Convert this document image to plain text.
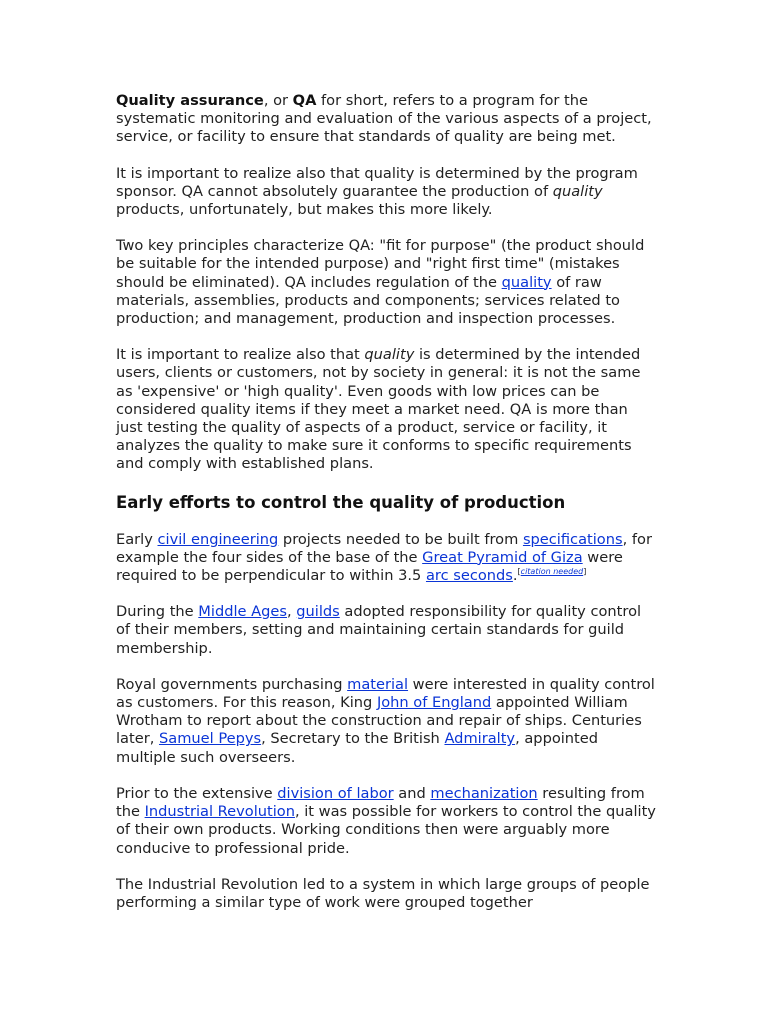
Quality assurance, or QA for short, refers to a program for the systematic monitoring and evaluation of the various aspects of a project, service, or facility to ensure that standards of quality are being met.

It is important to realize also that quality is determined by the program sponsor. QA cannot absolutely guarantee the production of quality products, unfortunately, but makes this more likely.

Two key principles characterize QA: "fit for purpose" (the product should be suitable for the intended purpose) and "right first time" (mistakes should be eliminated). QA includes regulation of the quality of raw materials, assemblies, products and components; services related to production; and management, production and inspection processes.

It is important to realize also that quality is determined by the intended users, clients or customers, not by society in general: it is not the same as 'expensive' or 'high quality'. Even goods with low prices can be considered quality items if they meet a market need. QA is more than just testing the quality of aspects of a product, service or facility, it analyzes the quality to make sure it conforms to specific requirements and comply with established plans.

Early efforts to control the quality of production

Early civil engineering projects needed to be built from specifications, for example the four sides of the base of the Great Pyramid of Giza were required to be perpendicular to within 3.5 arc seconds.[citation needed]

During the Middle Ages, guilds adopted responsibility for quality control of their members, setting and maintaining certain standards for guild membership.

Royal governments purchasing material were interested in quality control as customers. For this reason, King John of England appointed William Wrotham to report about the construction and repair of ships. Centuries later, Samuel Pepys, Secretary to the British Admiralty, appointed multiple such overseers.

Prior to the extensive division of labor and mechanization resulting from the Industrial Revolution, it was possible for workers to control the quality of their own products. Working conditions then were arguably more conducive to professional pride.

The Industrial Revolution led to a system in which large groups of people performing a similar type of work were grouped together
